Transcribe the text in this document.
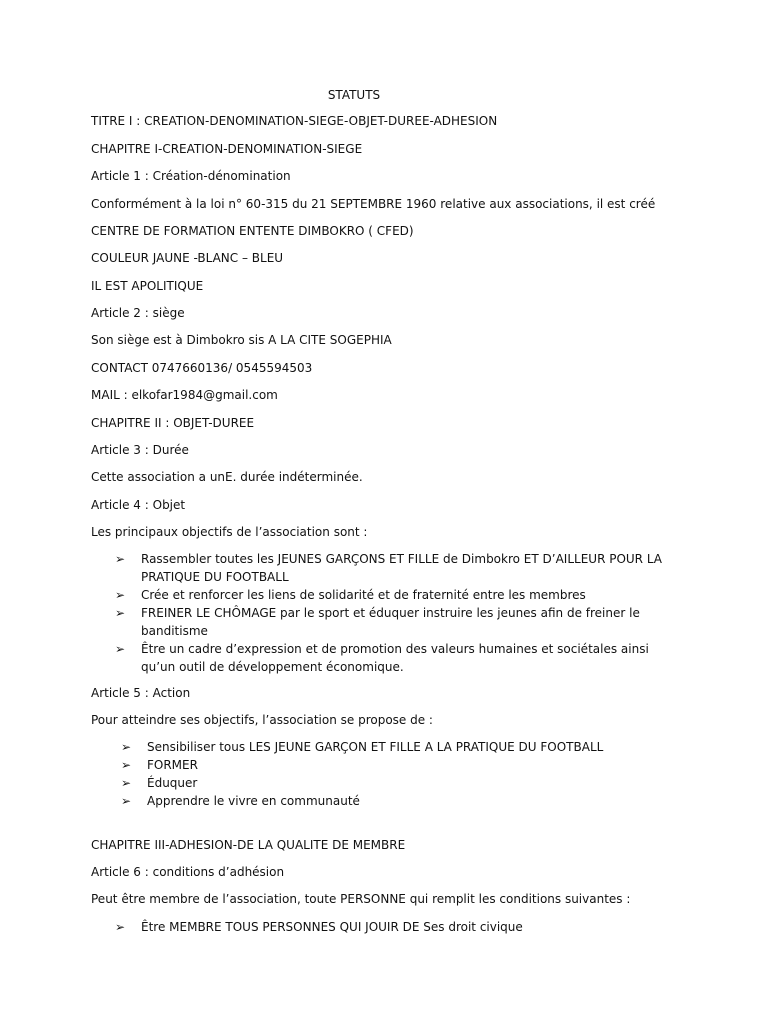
STATUTS
TITRE I : CREATION-DENOMINATION-SIEGE-OBJET-DUREE-ADHESION
CHAPITRE I-CREATION-DENOMINATION-SIEGE
Article 1 : Création-dénomination
Conformément à la loi n° 60-315 du 21 SEPTEMBRE 1960 relative aux associations, il est créé
CENTRE DE FORMATION ENTENTE DIMBOKRO ( CFED)
COULEUR JAUNE -BLANC – BLEU
IL EST APOLITIQUE
Article 2 : siège
Son siège est à Dimbokro sis A LA CITE SOGEPHIA
CONTACT 0747660136/ 0545594503
MAIL : elkofar1984@gmail.com
CHAPITRE II : OBJET-DUREE
Article 3 : Durée
Cette association a unE. durée indéterminée.
Article 4 : Objet
Les principaux objectifs de l’association sont :
➢	Rassembler toutes les JEUNES GARÇONS ET FILLE de Dimbokro ET D’AILLEUR POUR LA PRATIQUE DU FOOTBALL
➢	Crée et renforcer les liens de solidarité et de fraternité entre les membres
➢	FREINER LE CHÔMAGE par le sport et éduquer instruire les jeunes afin de freiner le banditisme
➢	Être un cadre d’expression et de promotion des valeurs humaines et sociétales ainsi qu’un outil de développement économique.
Article 5 : Action
Pour atteindre ses objectifs, l’association se propose de :
➢	Sensibiliser tous LES JEUNE GARÇON ET FILLE A LA PRATIQUE DU FOOTBALL
➢	FORMER
➢	Éduquer
➢	Apprendre le vivre en communauté
CHAPITRE III-ADHESION-DE LA QUALITE DE MEMBRE
Article 6 : conditions d’adhésion
Peut être membre de l’association, toute PERSONNE qui remplit les conditions suivantes :
➢	Être MEMBRE TOUS PERSONNES QUI JOUIR DE Ses droit civique
